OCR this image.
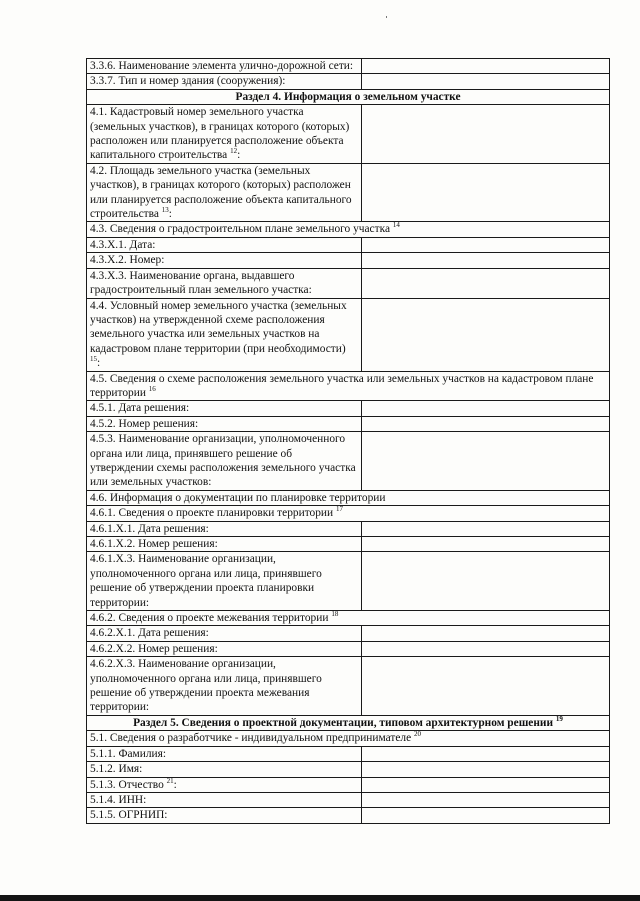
3.3.6. Наименование элемента улично-дорожной сети:	
3.3.7. Тип и номер здания (сооружения):	
Раздел 4. Информация о земельном участке	
4.1. Кадастровый номер земельного участка (земельных участков), в границах которого (которых) расположен или планируется расположение объекта капитального строительства $^{12}$:	
4.2. Площадь земельного участка (земельных участков), в границах которого (которых) расположен или планируется расположение объекта капитального строительства $^{13}$:	
4.3. Сведения о градостроительном плане земельного участка $^{14}$
4.3.Х.1. Дата:	
4.3.Х.2. Номер:	
4.3.Х.3. Наименование органа, выдавшего градостроительный план земельного участка:	
4.4. Условный номер земельного участка (земельных участков) на утвержденной схеме расположения земельного участка или земельных участков на кадастровом плане территории (при необходимости) $^{15}$:	
4.5. Сведения о схеме расположения земельного участка или земельных участков на кадастровом плане территории $^{16}$
4.5.1. Дата решения:	
4.5.2. Номер решения:	
4.5.3. Наименование организации, уполномоченного органа или лица, принявшего решение об утверждении схемы расположения земельного участка или земельных участков:	
4.6. Информация о документации по планировке территории	
4.6.1. Сведения о проекте планировки территории $^{17}$
4.6.1.Х.1. Дата решения:	
4.6.1.Х.2. Номер решения:	
4.6.1.Х.3. Наименование организации, уполномоченного органа или лица, принявшего решение об утверждении проекта планировки территории:	
4.6.2. Сведения о проекте межевания территории $^{18}$
4.6.2.Х.1. Дата решения:	
4.6.2.Х.2. Номер решения:	
4.6.2.Х.3. Наименование организации, уполномоченного органа или лица, принявшего решение об утверждении проекта межевания территории:	
Раздел 5. Сведения о проектной документации, типовом архитектурном решении $^{19}$
5.1. Сведения о разработчике - индивидуальном предпринимателе $^{20}$
5.1.1. Фамилия:	
5.1.2. Имя:	
5.1.3. Отчество $^{21}$:	
5.1.4. ИНН:	
5.1.5. ОГРНИП:	
